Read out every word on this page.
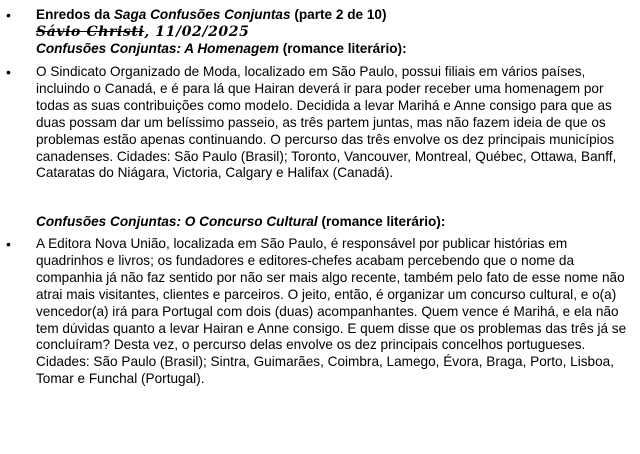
• Enredos da Saga Confusões Conjuntas (parte 2 de 10)

Sávio Christi, 11/02/2025

Confusões Conjuntas: A Homenagem (romance literário):

• O Sindicato Organizado de Moda, localizado em São Paulo, possui filiais em vários países, incluindo o Canadá, e é para lá que Hairan deverá ir para poder receber uma homenagem por todas as suas contribuições como modelo. Decidida a levar Marihá e Anne consigo para que as duas possam dar um belíssimo passeio, as três partem juntas, mas não fazem ideia de que os problemas estão apenas continuando. O percurso das três envolve os dez principais municípios canadenses. Cidades: São Paulo (Brasil); Toronto, Vancouver, Montreal, Québec, Ottawa, Banff, Cataratas do Niágara, Victoria, Calgary e Halifax (Canadá).

Confusões Conjuntas: O Concurso Cultural (romance literário):

• A Editora Nova União, localizada em São Paulo, é responsável por publicar histórias em quadrinhos e livros; os fundadores e editores-chefes acabam percebendo que o nome da companhia já não faz sentido por não ser mais algo recente, também pelo fato de esse nome não atrai mais visitantes, clientes e parceiros. O jeito, então, é organizar um concurso cultural, e o(a) vencedor(a) irá para Portugal com dois (duas) acompanhantes. Quem vence é Marihá, e ela não tem dúvidas quanto a levar Hairan e Anne consigo. E quem disse que os problemas das três já se concluíram? Desta vez, o percurso delas envolve os dez principais concelhos portugueses. Cidades: São Paulo (Brasil); Sintra, Guimarães, Coimbra, Lamego, Évora, Braga, Porto, Lisboa, Tomar e Funchal (Portugal).
